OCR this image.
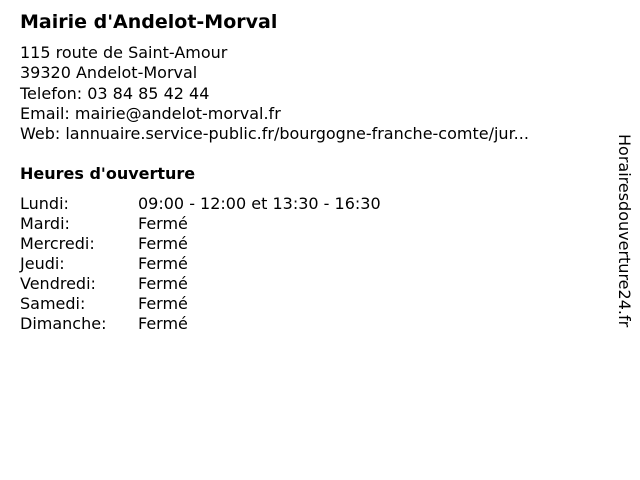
Mairie d'Andelot-Morval
115 route de Saint-Amour
39320 Andelot-Morval
Telefon: 03 84 85 42 44
Email: mairie@andelot-morval.fr
Web: lannuaire.service-public.fr/bourgogne-franche-comte/jur...
Heures d'ouverture
Lundi:	09:00 - 12:00 et 13:30 - 16:30
Mardi:	Fermé
Mercredi:	Fermé
Jeudi:	Fermé
Vendredi:	Fermé
Samedi:	Fermé
Dimanche: Fermé	Horairesdouverture24.fr
